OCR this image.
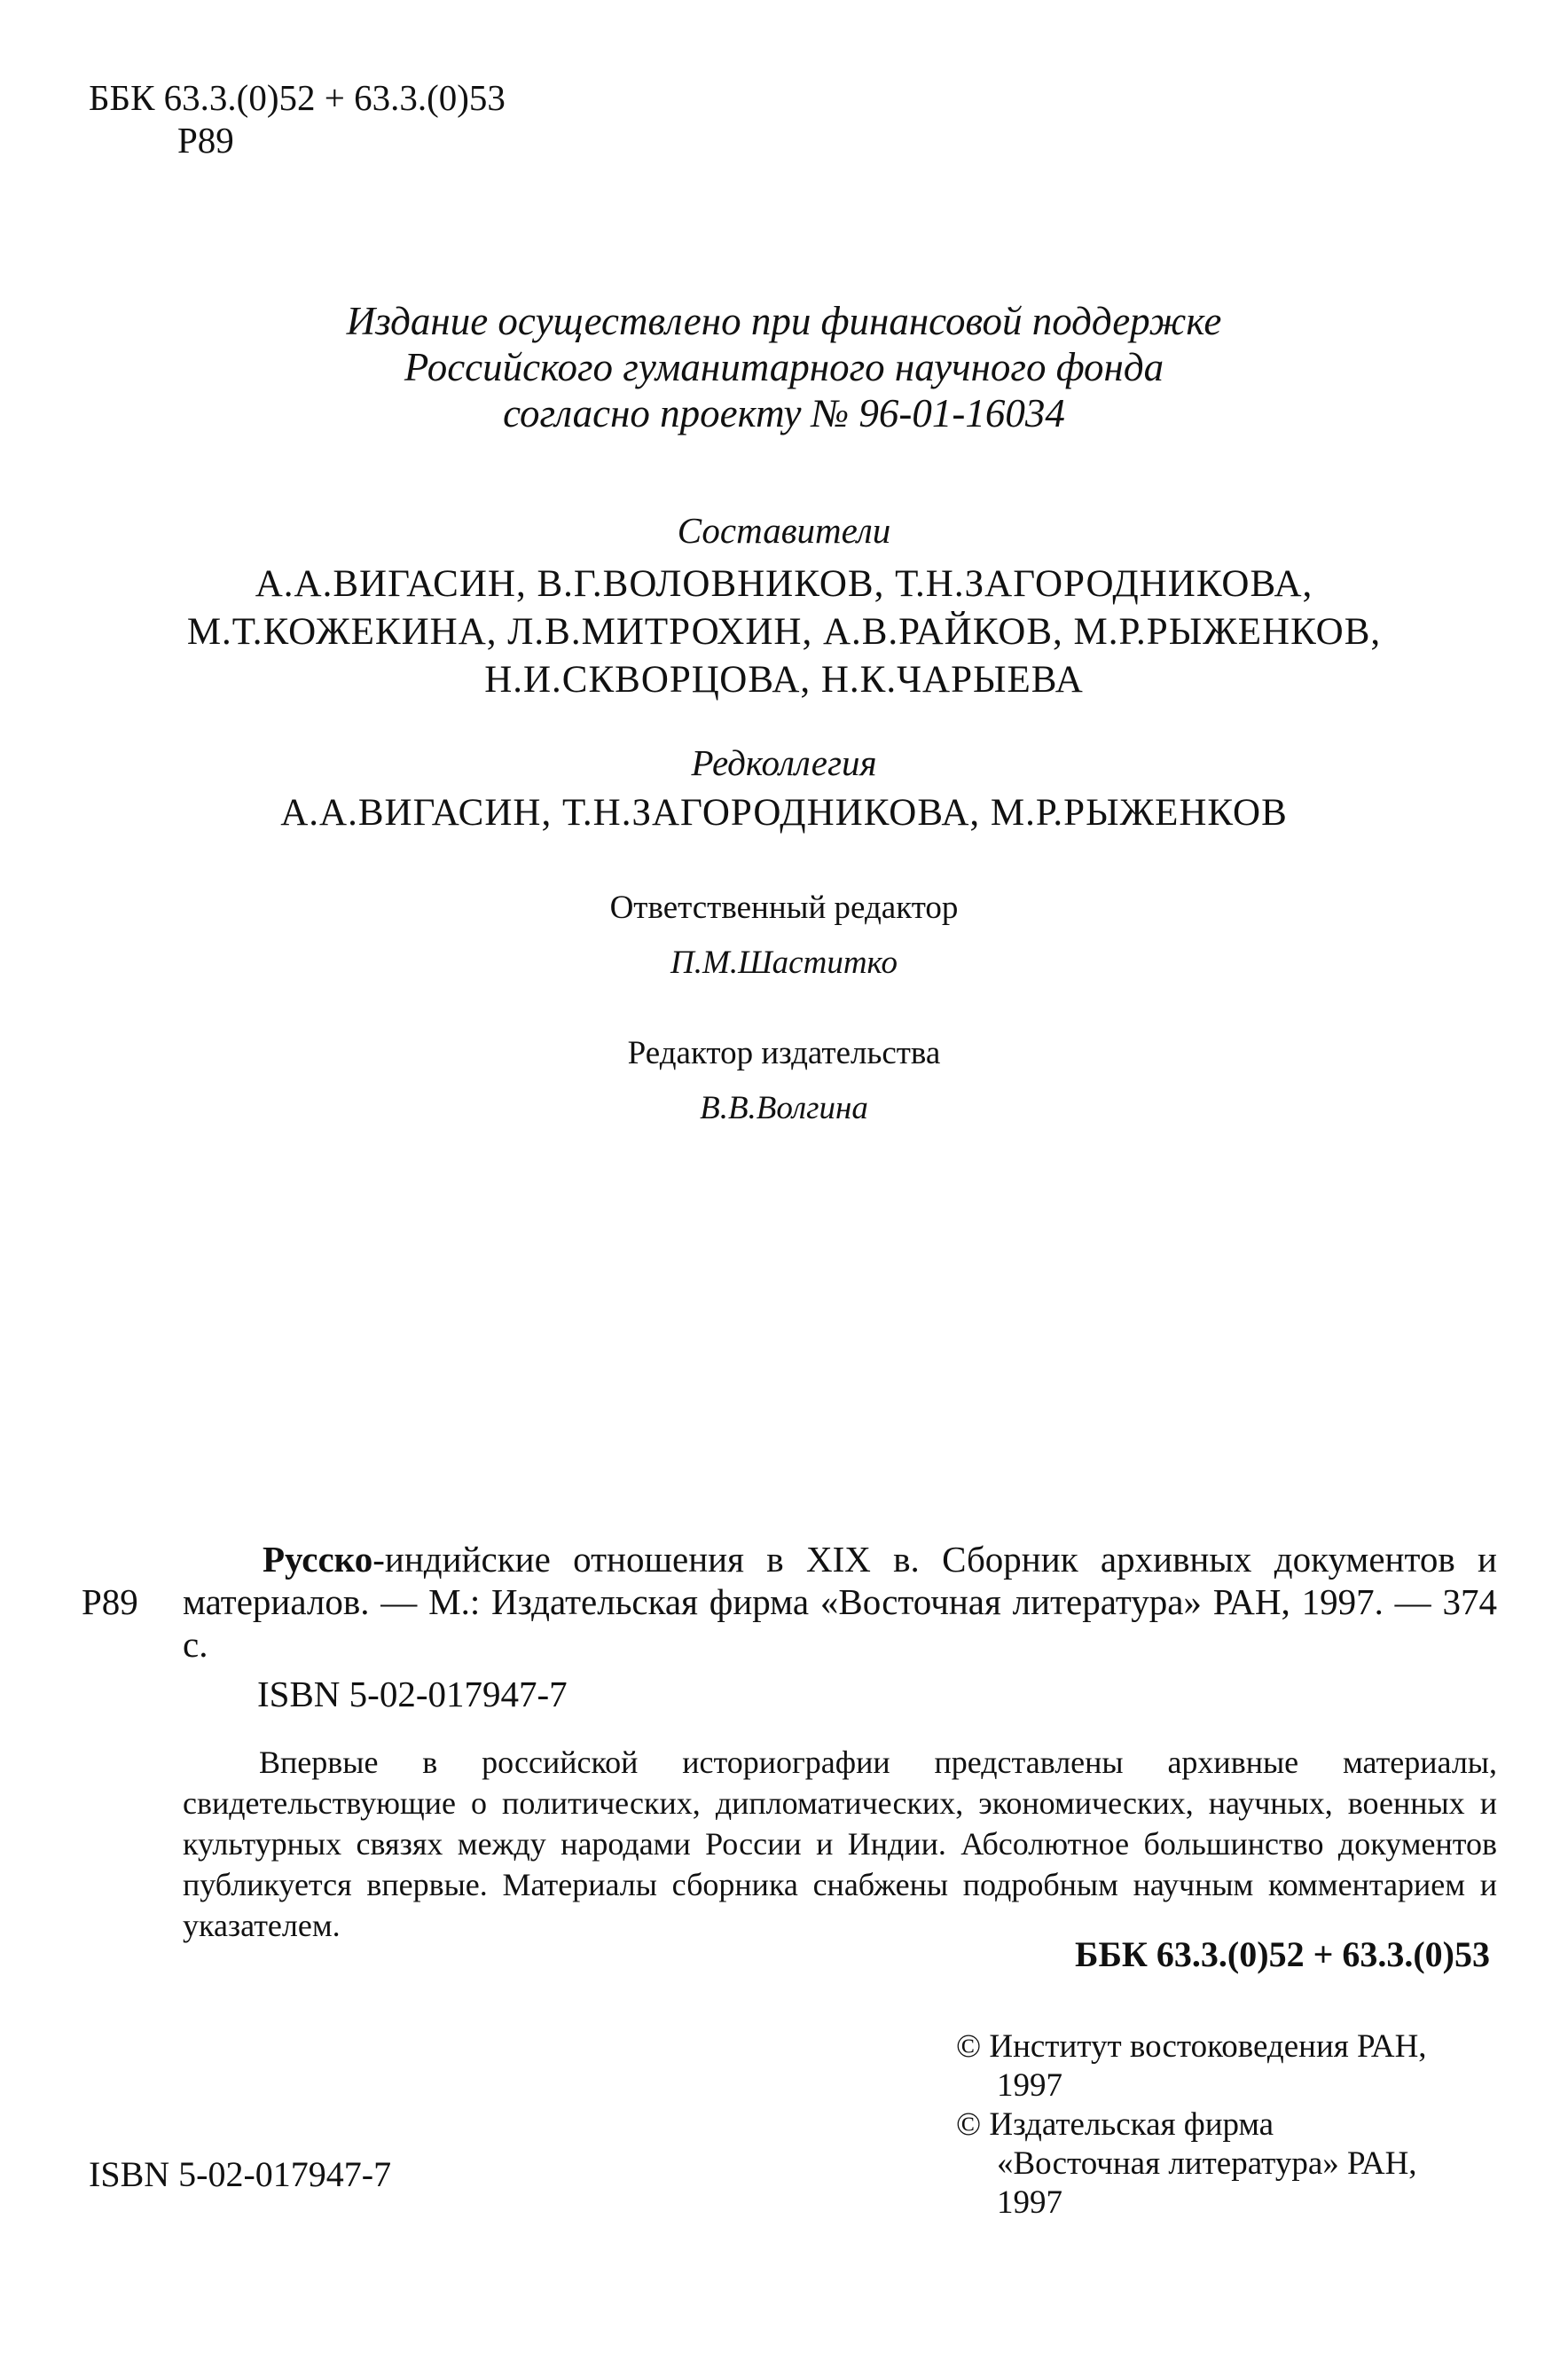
ББК 63.3.(0)52 + 63.3.(0)53
Р89
Издание осуществлено при финансовой поддержке
Российского гуманитарного научного фонда
согласно проекту № 96-01-16034
Составители
А.А.ВИГАСИН, В.Г.ВОЛОВНИКОВ, Т.Н.ЗАГОРОДНИКОВА,
М.Т.КОЖЕКИНА, Л.В.МИТРОХИН, А.В.РАЙКОВ, М.Р.РЫЖЕНКОВ,
Н.И.СКВОРЦОВА, Н.К.ЧАРЫЕВА
Редколлегия
А.А.ВИГАСИН, Т.Н.ЗАГОРОДНИКОВА, М.Р.РЫЖЕНКОВ
Ответственный редактор
П.М.Шаститко
Редактор издательства
В.В.Волгина
Р89
Русско-индийские отношения в XIX в. Сборник архивных документов и материалов. — М.: Издательская фирма «Восточная литература» РАН, 1997. — 374 с.
ISBN 5-02-017947-7
Впервые в российской историографии представлены архивные материалы, свидетельствующие о политических, дипломатических, экономических, научных, военных и культурных связях между народами России и Индии. Абсолютное большинство документов публикуется впервые. Материалы сборника снабжены подробным научным комментарием и указателем.
ББК 63.3.(0)52 + 63.3.(0)53
© Институт востоковедения РАН,
1997
© Издательская фирма
«Восточная литература» РАН,
1997
ISBN 5-02-017947-7
